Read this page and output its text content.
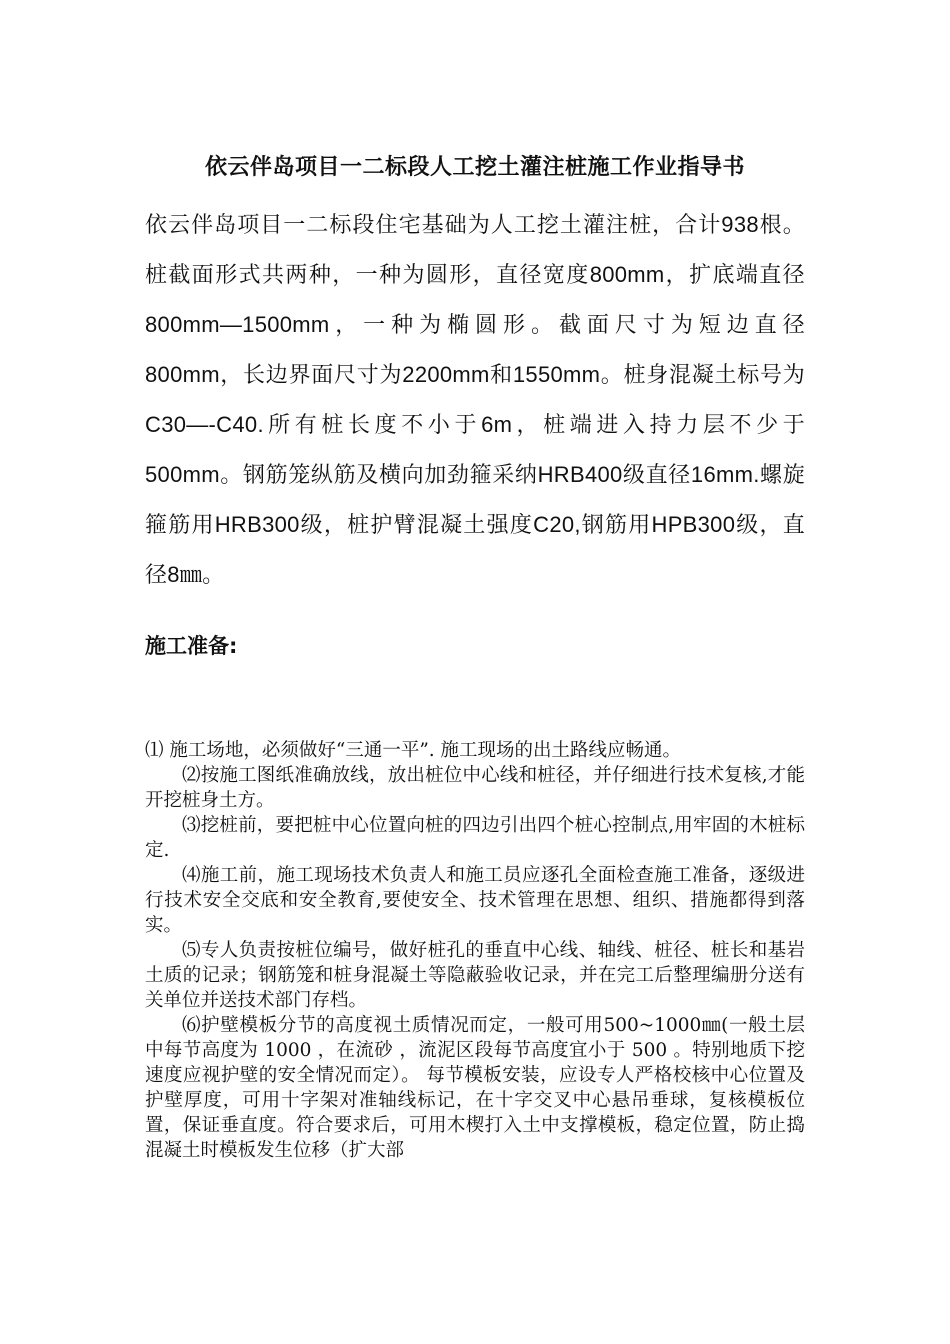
依云伴岛项目一二标段人工挖土灌注桩施工作业指导书

依云伴岛项目一二标段住宅基础为人工挖土灌注桩，合计938根。桩截面形式共两种，一种为圆形，直径宽度800mm，扩底端直径800mm—1500mm，一种为椭圆形。截面尺寸为短边直径800mm，长边界面尺寸为2200mm和1550mm。桩身混凝土标号为C30—-C40.所有桩长度不小于6m，桩端进入持力层不少于500mm。钢筋笼纵筋及横向加劲箍采纳HRB400级直径16mm.螺旋箍筋用HRB300级，桩护臂混凝土强度C20,钢筋用HPB300级，直径8㎜。

施工准备:

⑴ 施工场地，必须做好“三通一平”. 施工现场的出土路线应畅通。

⑵按施工图纸准确放线，放出桩位中心线和桩径，并仔细进行技术复核,才能开挖桩身土方。

⑶挖桩前，要把桩中心位置向桩的四边引出四个桩心控制点,用牢固的木桩标定.

⑷施工前，施工现场技术负责人和施工员应逐孔全面检查施工准备，逐级进行技术安全交底和安全教育,要使安全、技术管理在思想、组织、措施都得到落实。

⑸专人负责按桩位编号，做好桩孔的垂直中心线、轴线、桩径、桩长和基岩土质的记录；钢筋笼和桩身混凝土等隐蔽验收记录，并在完工后整理编册分送有关单位并送技术部门存档。

⑹护壁模板分节的高度视土质情况而定，一般可用500~1000㎜(一般土层中每节高度为 1000 ，在流砂 ，流泥区段每节高度宜小于 500 。特别地质下挖速度应视护壁的安全情况而定）。 每节模板安装，应设专人严格校核中心位置及护壁厚度，可用十字架对准轴线标记，在十字交叉中心悬吊垂球，复核模板位置，保证垂直度。符合要求后，可用木楔打入土中支撑模板，稳定位置，防止捣混凝土时模板发生位移（扩大部
